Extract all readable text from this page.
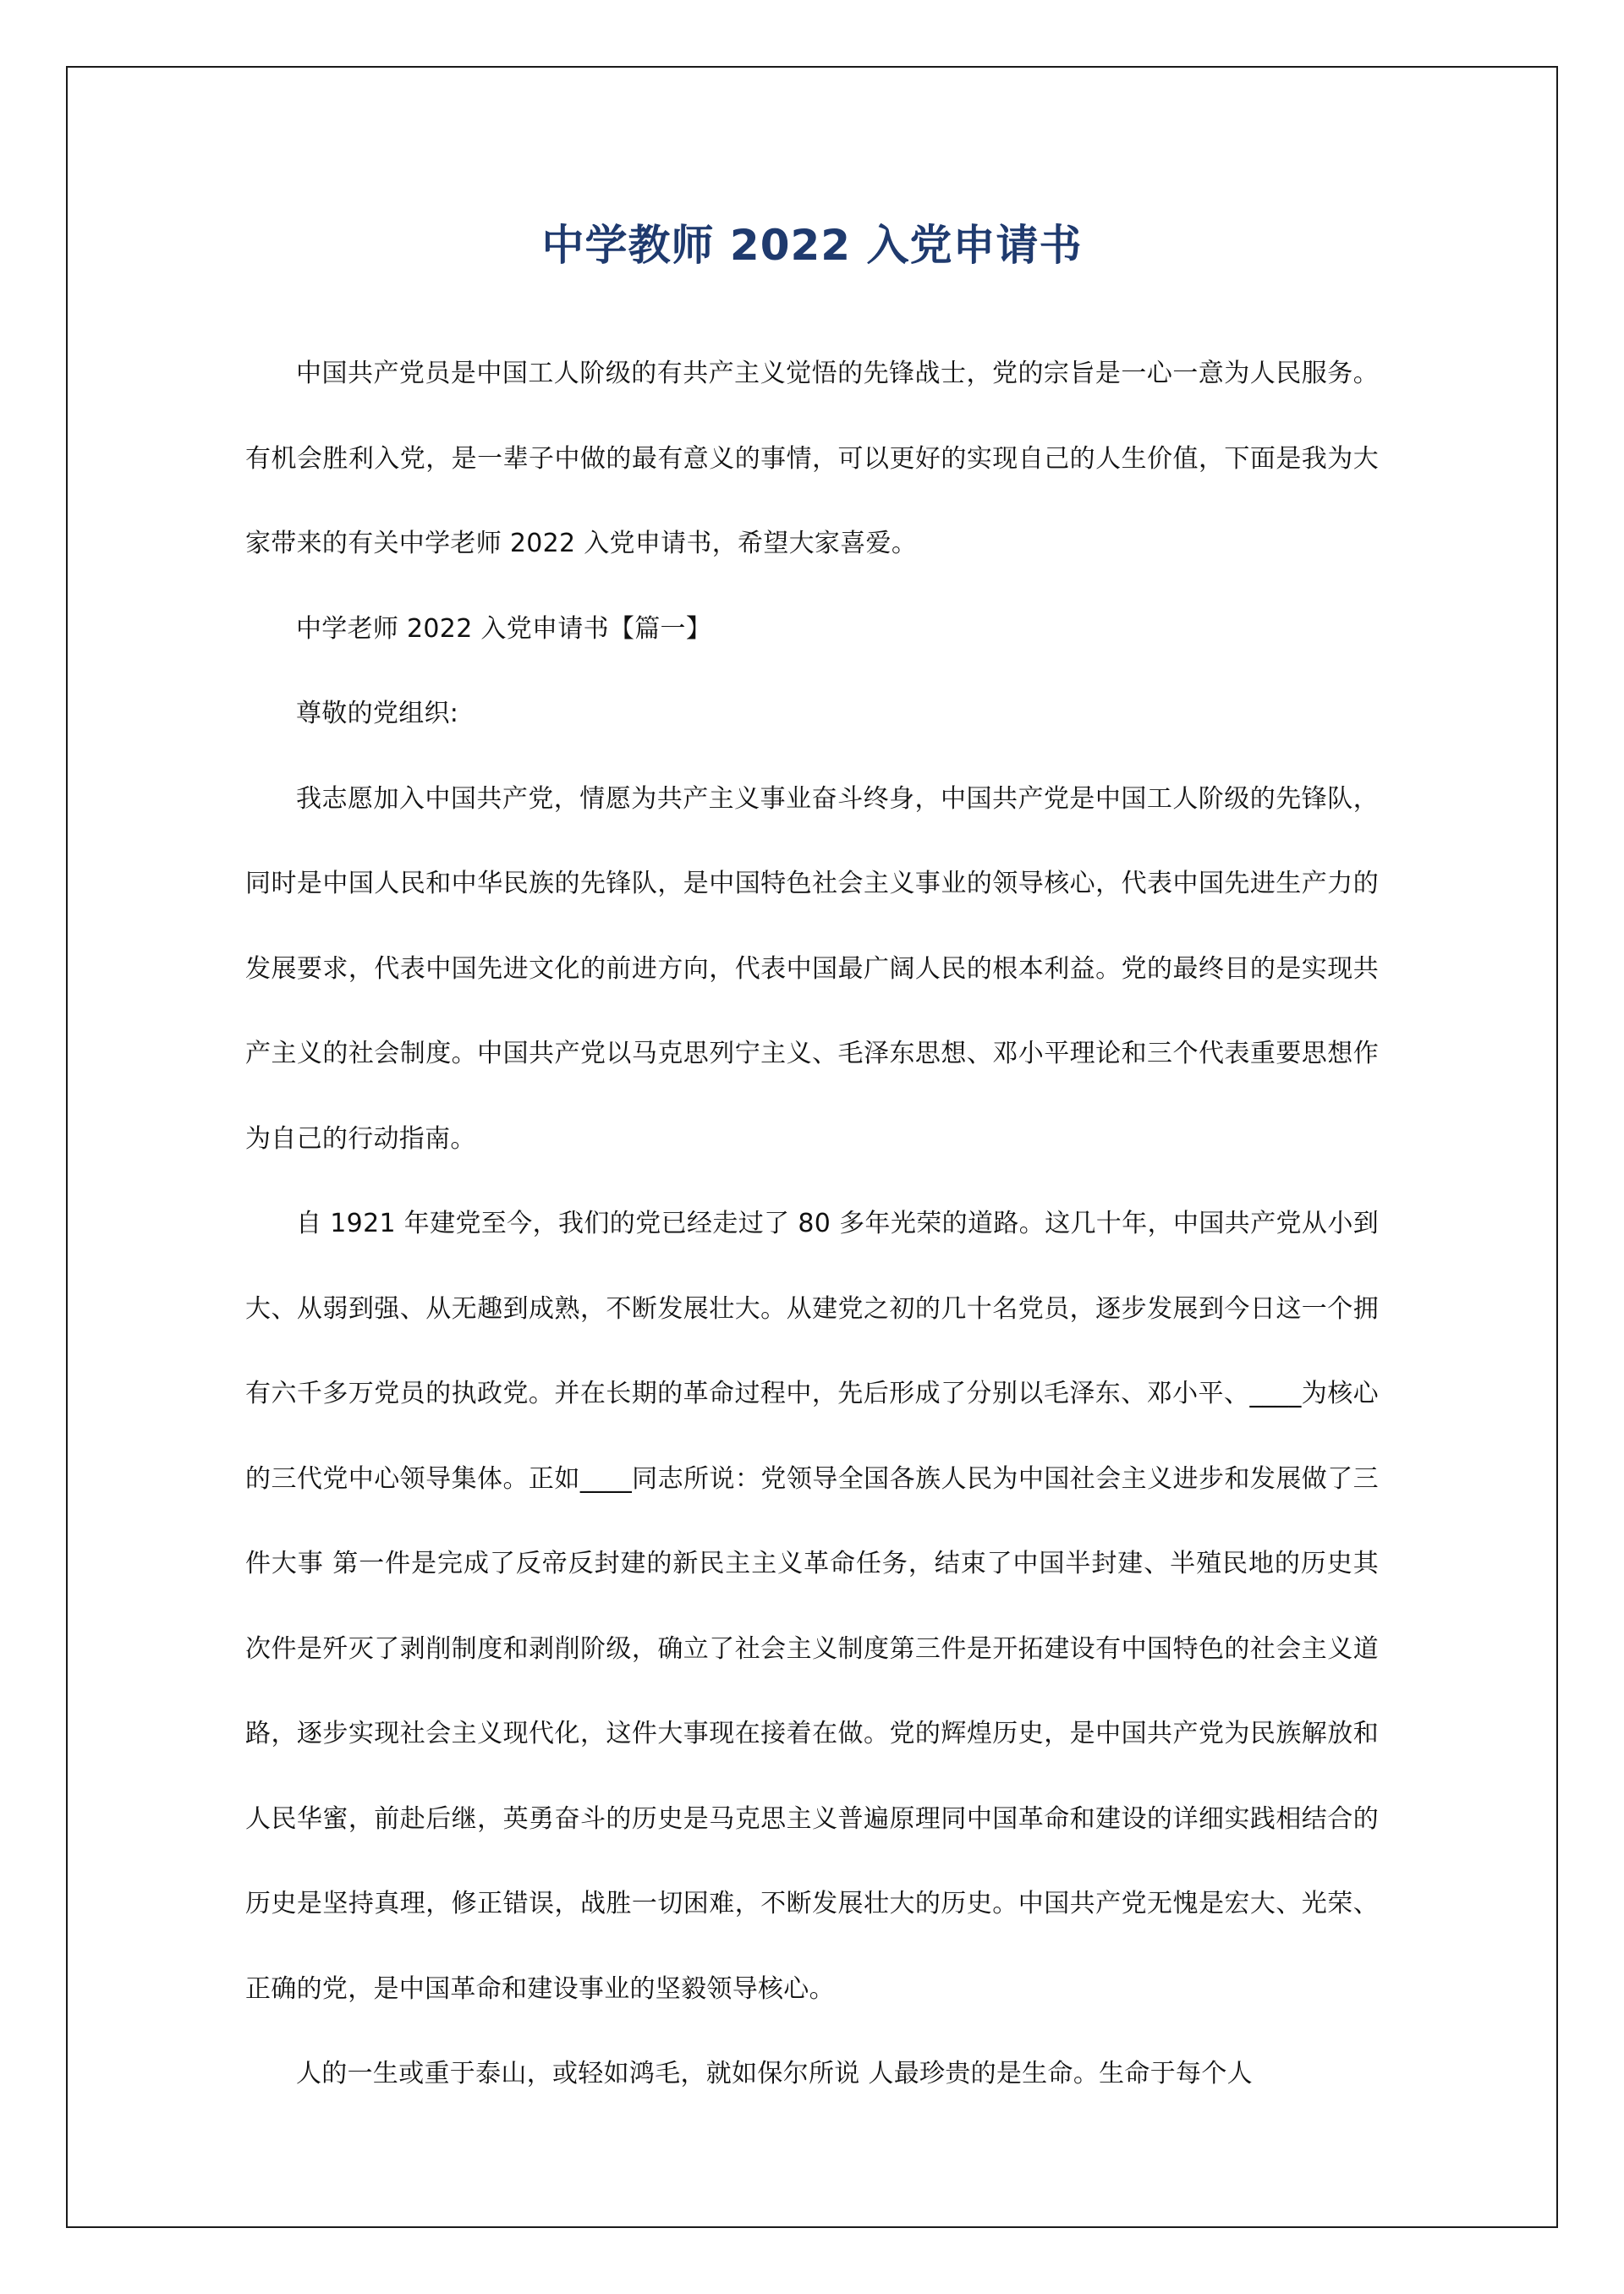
中学教师 2022 入党申请书

中国共产党员是中国工人阶级的有共产主义觉悟的先锋战士，党的宗旨是一心一意为人民服务。有机会胜利入党，是一辈子中做的最有意义的事情，可以更好的实现自己的人生价值，下面是我为大家带来的有关中学老师 2022 入党申请书，希望大家喜爱。

中学老师 2022 入党申请书【篇一】

尊敬的党组织:

我志愿加入中国共产党，情愿为共产主义事业奋斗终身，中国共产党是中国工人阶级的先锋队，同时是中国人民和中华民族的先锋队，是中国特色社会主义事业的领导核心，代表中国先进生产力的发展要求，代表中国先进文化的前进方向，代表中国最广阔人民的根本利益。党的最终目的是实现共产主义的社会制度。中国共产党以马克思列宁主义、毛泽东思想、邓小平理论和三个代表重要思想作为自己的行动指南。

自 1921 年建党至今，我们的党已经走过了 80 多年光荣的道路。这几十年，中国共产党从小到大、从弱到强、从无趣到成熟，不断发展壮大。从建党之初的几十名党员，逐步发展到今日这一个拥有六千多万党员的执政党。并在长期的革命过程中，先后形成了分别以毛泽东、邓小平、____为核心的三代党中心领导集体。正如____同志所说：党领导全国各族人民为中国社会主义进步和发展做了三件大事 第一件是完成了反帝反封建的新民主主义革命任务，结束了中国半封建、半殖民地的历史其次件是歼灭了剥削制度和剥削阶级，确立了社会主义制度第三件是开拓建设有中国特色的社会主义道路，逐步实现社会主义现代化，这件大事现在接着在做。党的辉煌历史，是中国共产党为民族解放和人民华蜜，前赴后继，英勇奋斗的历史是马克思主义普遍原理同中国革命和建设的详细实践相结合的历史是坚持真理，修正错误，战胜一切困难，不断发展壮大的历史。中国共产党无愧是宏大、光荣、正确的党，是中国革命和建设事业的坚毅领导核心。

人的一生或重于泰山，或轻如鸿毛，就如保尔所说 人最珍贵的是生命。生命于每个人
